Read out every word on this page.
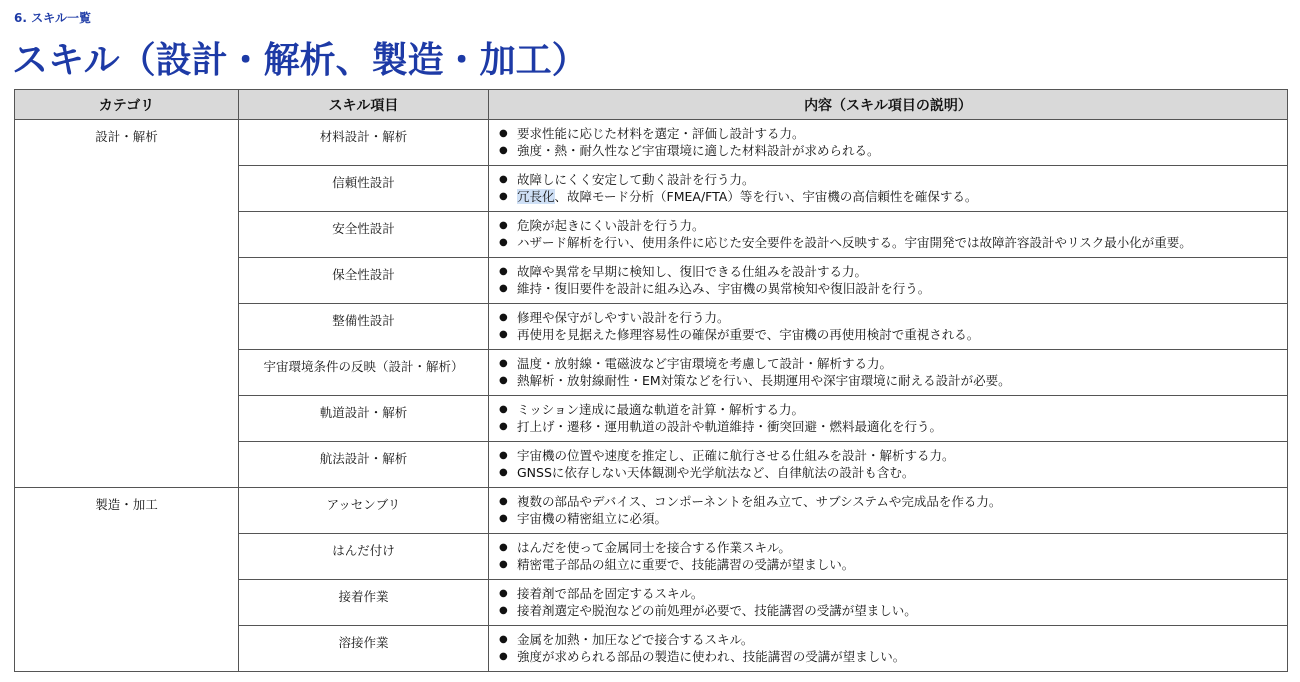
6. スキル一覧
スキル（設計・解析、製造・加工）
カテゴリ	スキル項目	内容（スキル項目の説明）
設計・解析	材料設計・解析	● 要求性能に応じた材料を選定・評価し設計する力。
● 強度・熱・耐久性など宇宙環境に適した材料設計が求められる。

	信頼性設計	● 故障しにくく安定して動く設計を行う力。
● 冗長化、故障モード分析（FMEA/FTA）等を行い、宇宙機の高信頼性を確保する。

	安全性設計	● 危険が起きにくい設計を行う力。
● ハザード解析を行い、使用条件に応じた安全要件を設計へ反映する。宇宙開発では故障許容設計やリスク最小化が重要。

	保全性設計	● 故障や異常を早期に検知し、復旧できる仕組みを設計する力。
● 維持・復旧要件を設計に組み込み、宇宙機の異常検知や復旧設計を行う。

	整備性設計	● 修理や保守がしやすい設計を行う力。
● 再使用を見据えた修理容易性の確保が重要で、宇宙機の再使用検討で重視される。

	宇宙環境条件の反映（設計・解析）	● 温度・放射線・電磁波など宇宙環境を考慮して設計・解析する力。
● 熱解析・放射線耐性・EM対策などを行い、長期運用や深宇宙環境に耐える設計が必要。

	軌道設計・解析	● ミッション達成に最適な軌道を計算・解析する力。
● 打上げ・遷移・運用軌道の設計や軌道維持・衝突回避・燃料最適化を行う。

	航法設計・解析	● 宇宙機の位置や速度を推定し、正確に航行させる仕組みを設計・解析する力。
● GNSSに依存しない天体観測や光学航法など、自律航法の設計も含む。

製造・加工	アッセンブリ	● 複数の部品やデバイス、コンポーネントを組み立て、サブシステムや完成品を作る力。
● 宇宙機の精密組立に必須。

	はんだ付け	● はんだを使って金属同士を接合する作業スキル。
● 精密電子部品の組立に重要で、技能講習の受講が望ましい。

	接着作業	● 接着剤で部品を固定するスキル。
● 接着剤選定や脱泡などの前処理が必要で、技能講習の受講が望ましい。

	溶接作業	● 金属を加熱・加圧などで接合するスキル。
● 強度が求められる部品の製造に使われ、技能講習の受講が望ましい。
